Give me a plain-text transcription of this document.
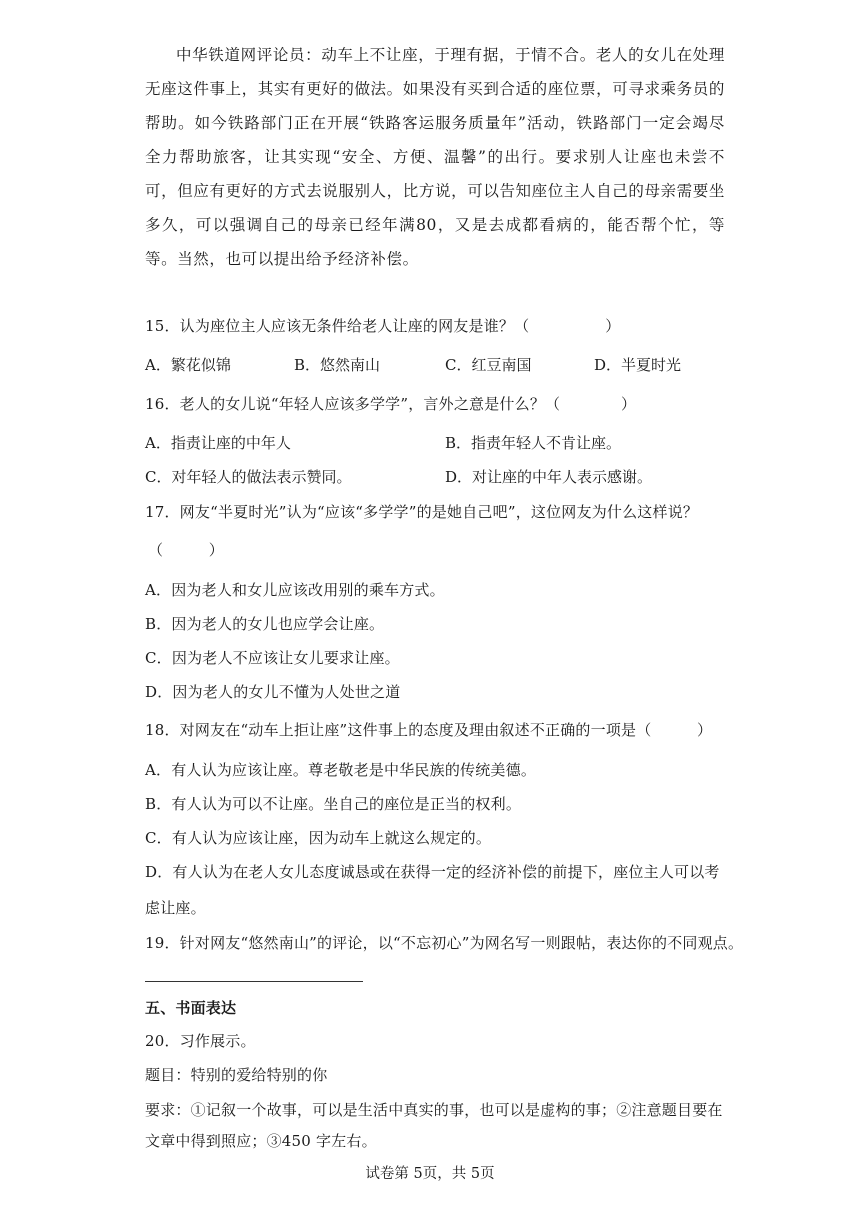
中华铁道网评论员：动车上不让座，于理有据，于情不合。老人的女儿在处理无座这件事上，其实有更好的做法。如果没有买到合适的座位票，可寻求乘务员的帮助。如今铁路部门正在开展“铁路客运服务质量年”活动，铁路部门一定会竭尽全力帮助旅客，让其实现“安全、方便、温馨”的出行。要求别人让座也未尝不可，但应有更好的方式去说服别人，比方说，可以告知座位主人自己的母亲需要坐多久，可以强调自己的母亲已经年满80，又是去成都看病的，能否帮个忙，等等。当然，也可以提出给予经济补偿。
15．认为座位主人应该无条件给老人让座的网友是谁？（　　　　　）
A．繁花似锦	B．悠然南山	C．红豆南国	D．半夏时光
16．老人的女儿说“年轻人应该多学学”，言外之意是什么？（　　　　）
A．指责让座的中年人	B．指责年轻人不肯让座。
C．对年轻人的做法表示赞同。	D．对让座的中年人表示感谢。
17．网友“半夏时光”认为“应该“多学学”的是她自己吧”，这位网友为什么这样说？
（　　　）
A．因为老人和女儿应该改用别的乘车方式。
B．因为老人的女儿也应学会让座。
C．因为老人不应该让女儿要求让座。
D．因为老人的女儿不懂为人处世之道
18．对网友在“动车上拒让座”这件事上的态度及理由叙述不正确的一项是（　　　）
A．有人认为应该让座。尊老敬老是中华民族的传统美德。
B．有人认为可以不让座。坐自己的座位是正当的权利。
C．有人认为应该让座，因为动车上就这么规定的。
D．有人认为在老人女儿态度诚恳或在获得一定的经济补偿的前提下，座位主人可以考
虑让座。
19．针对网友“悠然南山”的评论，以“不忘初心”为网名写一则跟帖，表达你的不同观点。
五、书面表达
20．习作展示。
题目：特别的爱给特别的你
要求：①记叙一个故事，可以是生活中真实的事，也可以是虚构的事；②注意题目要在
文章中得到照应；③450 字左右。
试卷第 5页，共 5页
